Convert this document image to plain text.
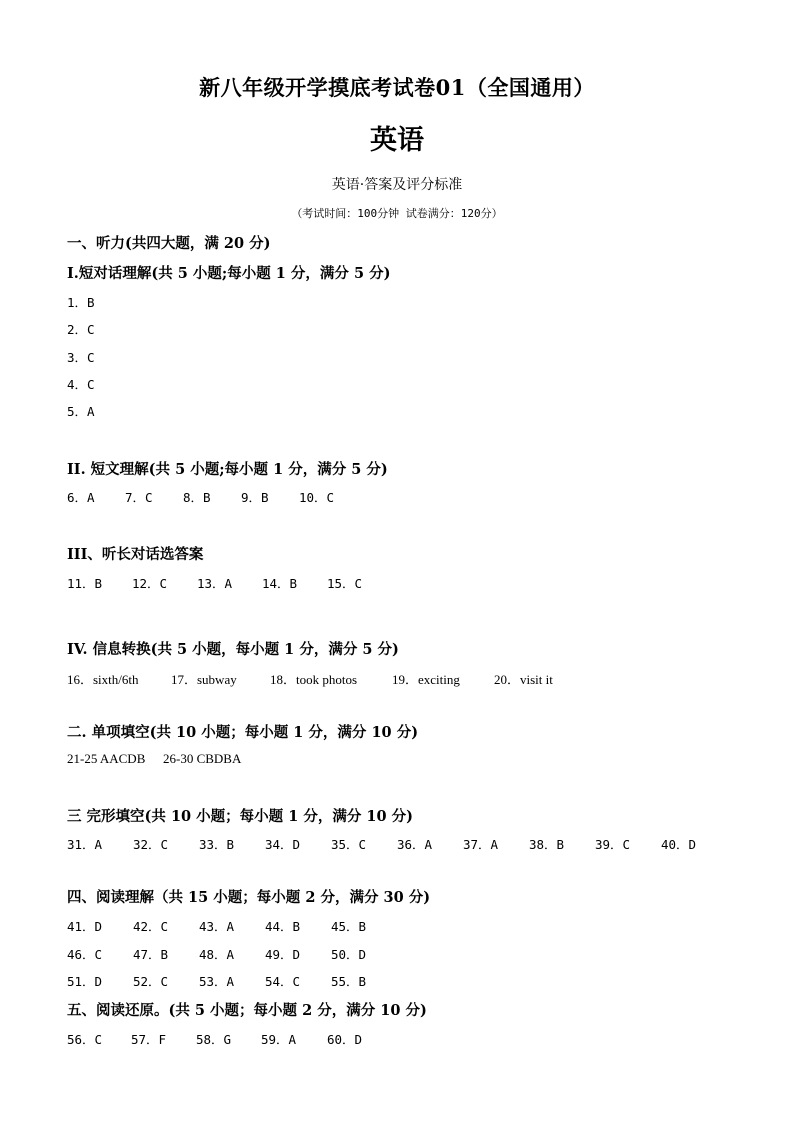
新八年级开学摸底考试卷01（全国通用）
英语
英语·答案及评分标准
（考试时间：100分钟 试卷满分：120分）
一、听力(共四大题，满 20 分)
Ⅰ.短对话理解(共 5 小题;每小题 1 分，满分 5 分)
1．B
2．C
3．C
4．C
5．A
II. 短文理解(共 5 小题;每小题 1 分，满分 5 分)
6．A 7．C 8．B 9．B 10．C
III、听长对话选答案
11．B 12．C 13．A 14．B 15．C
IV. 信息转换(共 5 小题，每小题 1 分，满分 5 分)
16．sixth/6th 17．subway	18．took photos	19．exciting	20．visit it
二. 单项填空(共 10 小题；每小题 1 分，满分 10 分)
21-25 AACDB 26-30 CBDBA
三 完形填空(共 10 小题；每小题 1 分，满分 10 分)
31．A 32．C 33．B 34．D 35．C 36．A 37．A 38．B 39．C 40．D
四、阅读理解（共 15 小题；每小题 2 分，满分 30 分)
41．D 42．C 43．A 44．B 45．B
46．C 47．B 48．A 49．D 50．D
51．D 52．C 53．A 54．C 55．B
五、阅读还原。(共 5 小题；每小题 2 分，满分 10 分)
56．C 57．F 58．G 59．A 60．D
